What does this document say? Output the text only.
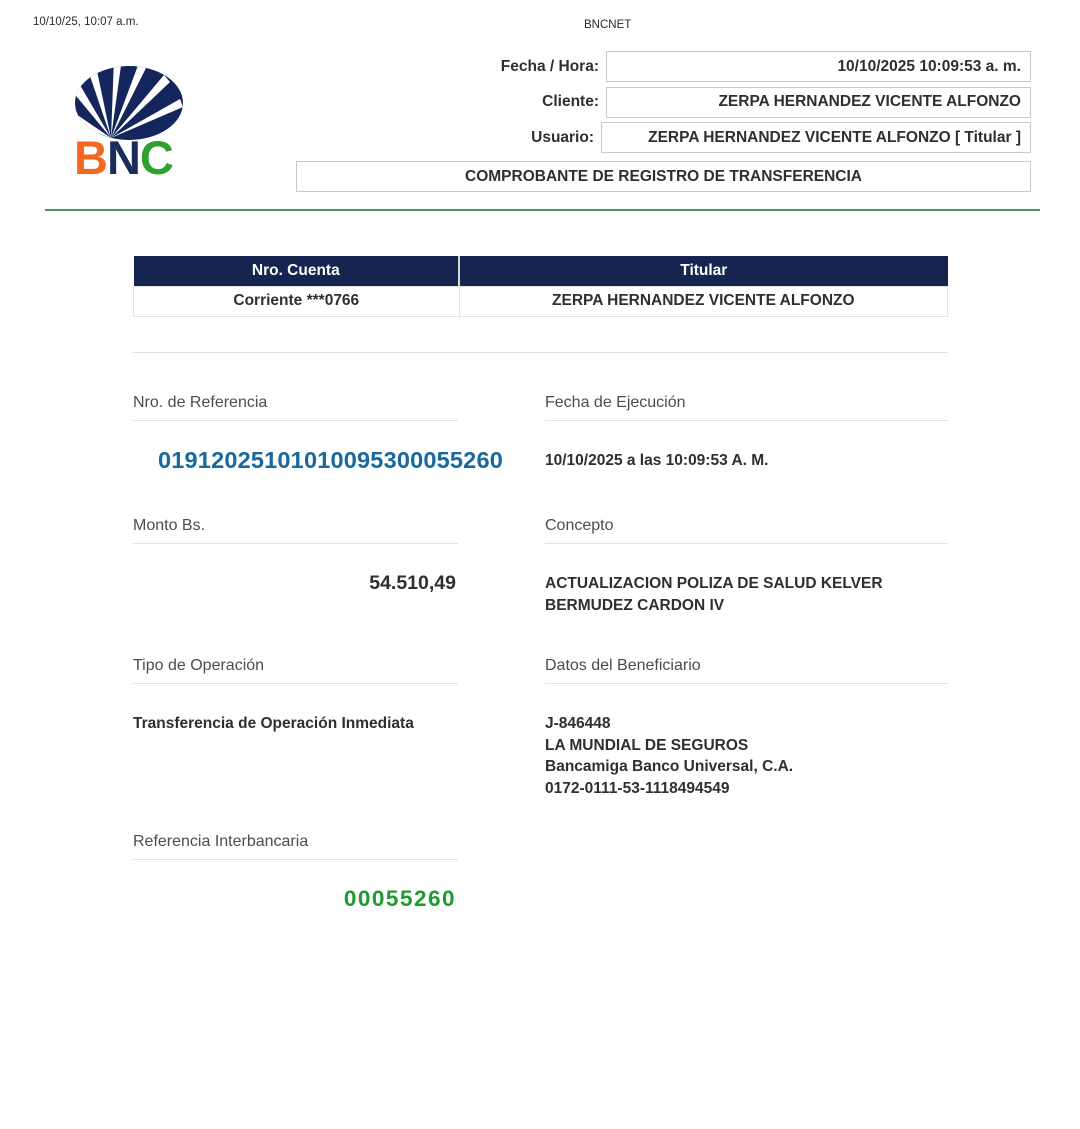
10/10/25, 10:07 a.m.	BNCNET
BNC
Fecha / Hora:	10/10/2025 10:09:53 a. m.
Cliente:	ZERPA HERNANDEZ VICENTE ALFONZO
Usuario:	ZERPA HERNANDEZ VICENTE ALFONZO [ Titular ]
COMPROBANTE DE REGISTRO DE TRANSFERENCIA
Nro. Cuenta	Titular
Corriente ***0766	ZERPA HERNANDEZ VICENTE ALFONZO
Nro. de Referencia
01912025101010095300055260
Fecha de Ejecución
10/10/2025 a las 10:09:53 A. M.
Monto Bs.
54.510,49
Concepto
ACTUALIZACION POLIZA DE SALUD KELVER BERMUDEZ CARDON IV
Tipo de Operación
Transferencia de Operación Inmediata
Datos del Beneficiario
J-846448
LA MUNDIAL DE SEGUROS
Bancamiga Banco Universal, C.A.
0172-0111-53-1118494549
Referencia Interbancaria
00055260
